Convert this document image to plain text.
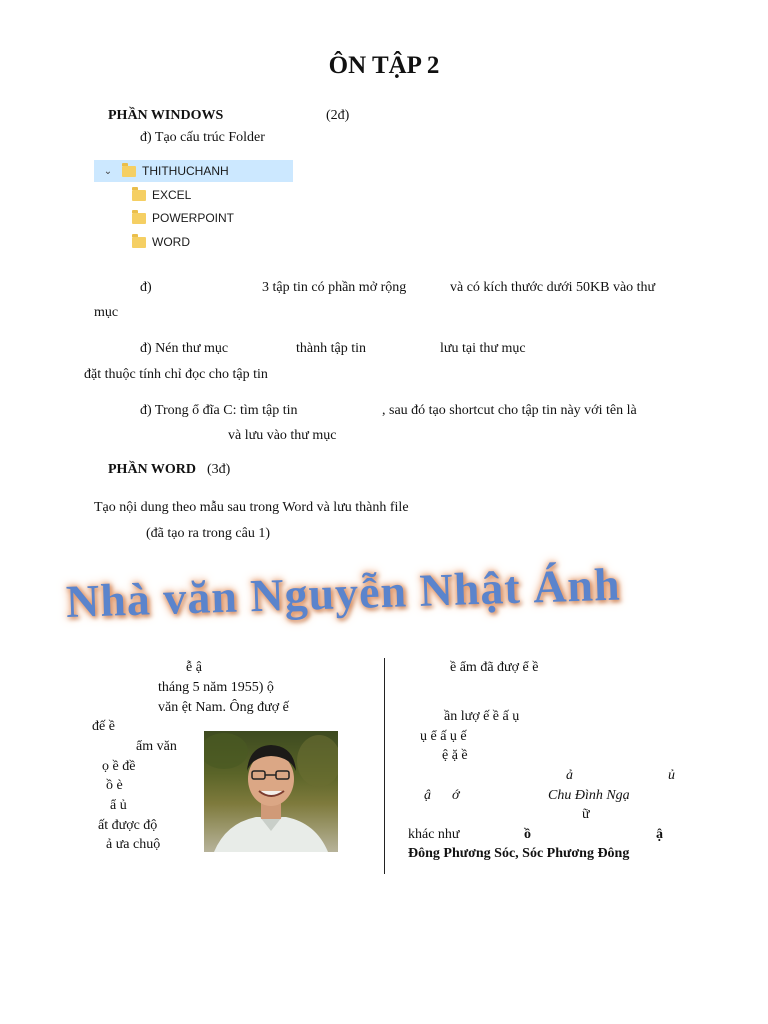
ÔN TẬP 2
PHẦN WINDOWS	(2đ)
đ) Tạo cấu trúc Folder
⌄	THITHUCHANH
EXCEL
POWERPOINT
WORD
đ)	3 tập tin có phần mở rộng	và có kích thước dưới 50KB vào thư
mục
đ) Nén thư mục	thành tập tin	lưu tại thư mục
đặt thuộc tính chỉ đọc cho tập tin
đ) Trong ổ đĩa C: tìm tập tin	, sau đó tạo shortcut cho tập tin này với tên là
và lưu vào thư mục
PHẦN WORD (3đ)
Tạo nội dung theo mẫu sau trong Word và lưu thành file
(đã tạo ra trong câu 1)
Nhà văn Nguyễn Nhật Ánh
ễ ậ
tháng 5 năm 1955) ộ
văn ệt Nam. Ông đượ ế
đế ề
ẩm văn
ọ ề đề
ồ è
ẩ ủ
ất được độ
ả ưa chuộ
ề ẩm đã đượ ể ề
ần lượ ế ề ấ ụ
ụ ể ấ ụ ế
ệ ặ ề
ả	ủ
ậ ớ	Chu Đình Ngạ
ữ
khác như	ồ	ậ
Đông Phương Sóc, Sóc Phương Đông
